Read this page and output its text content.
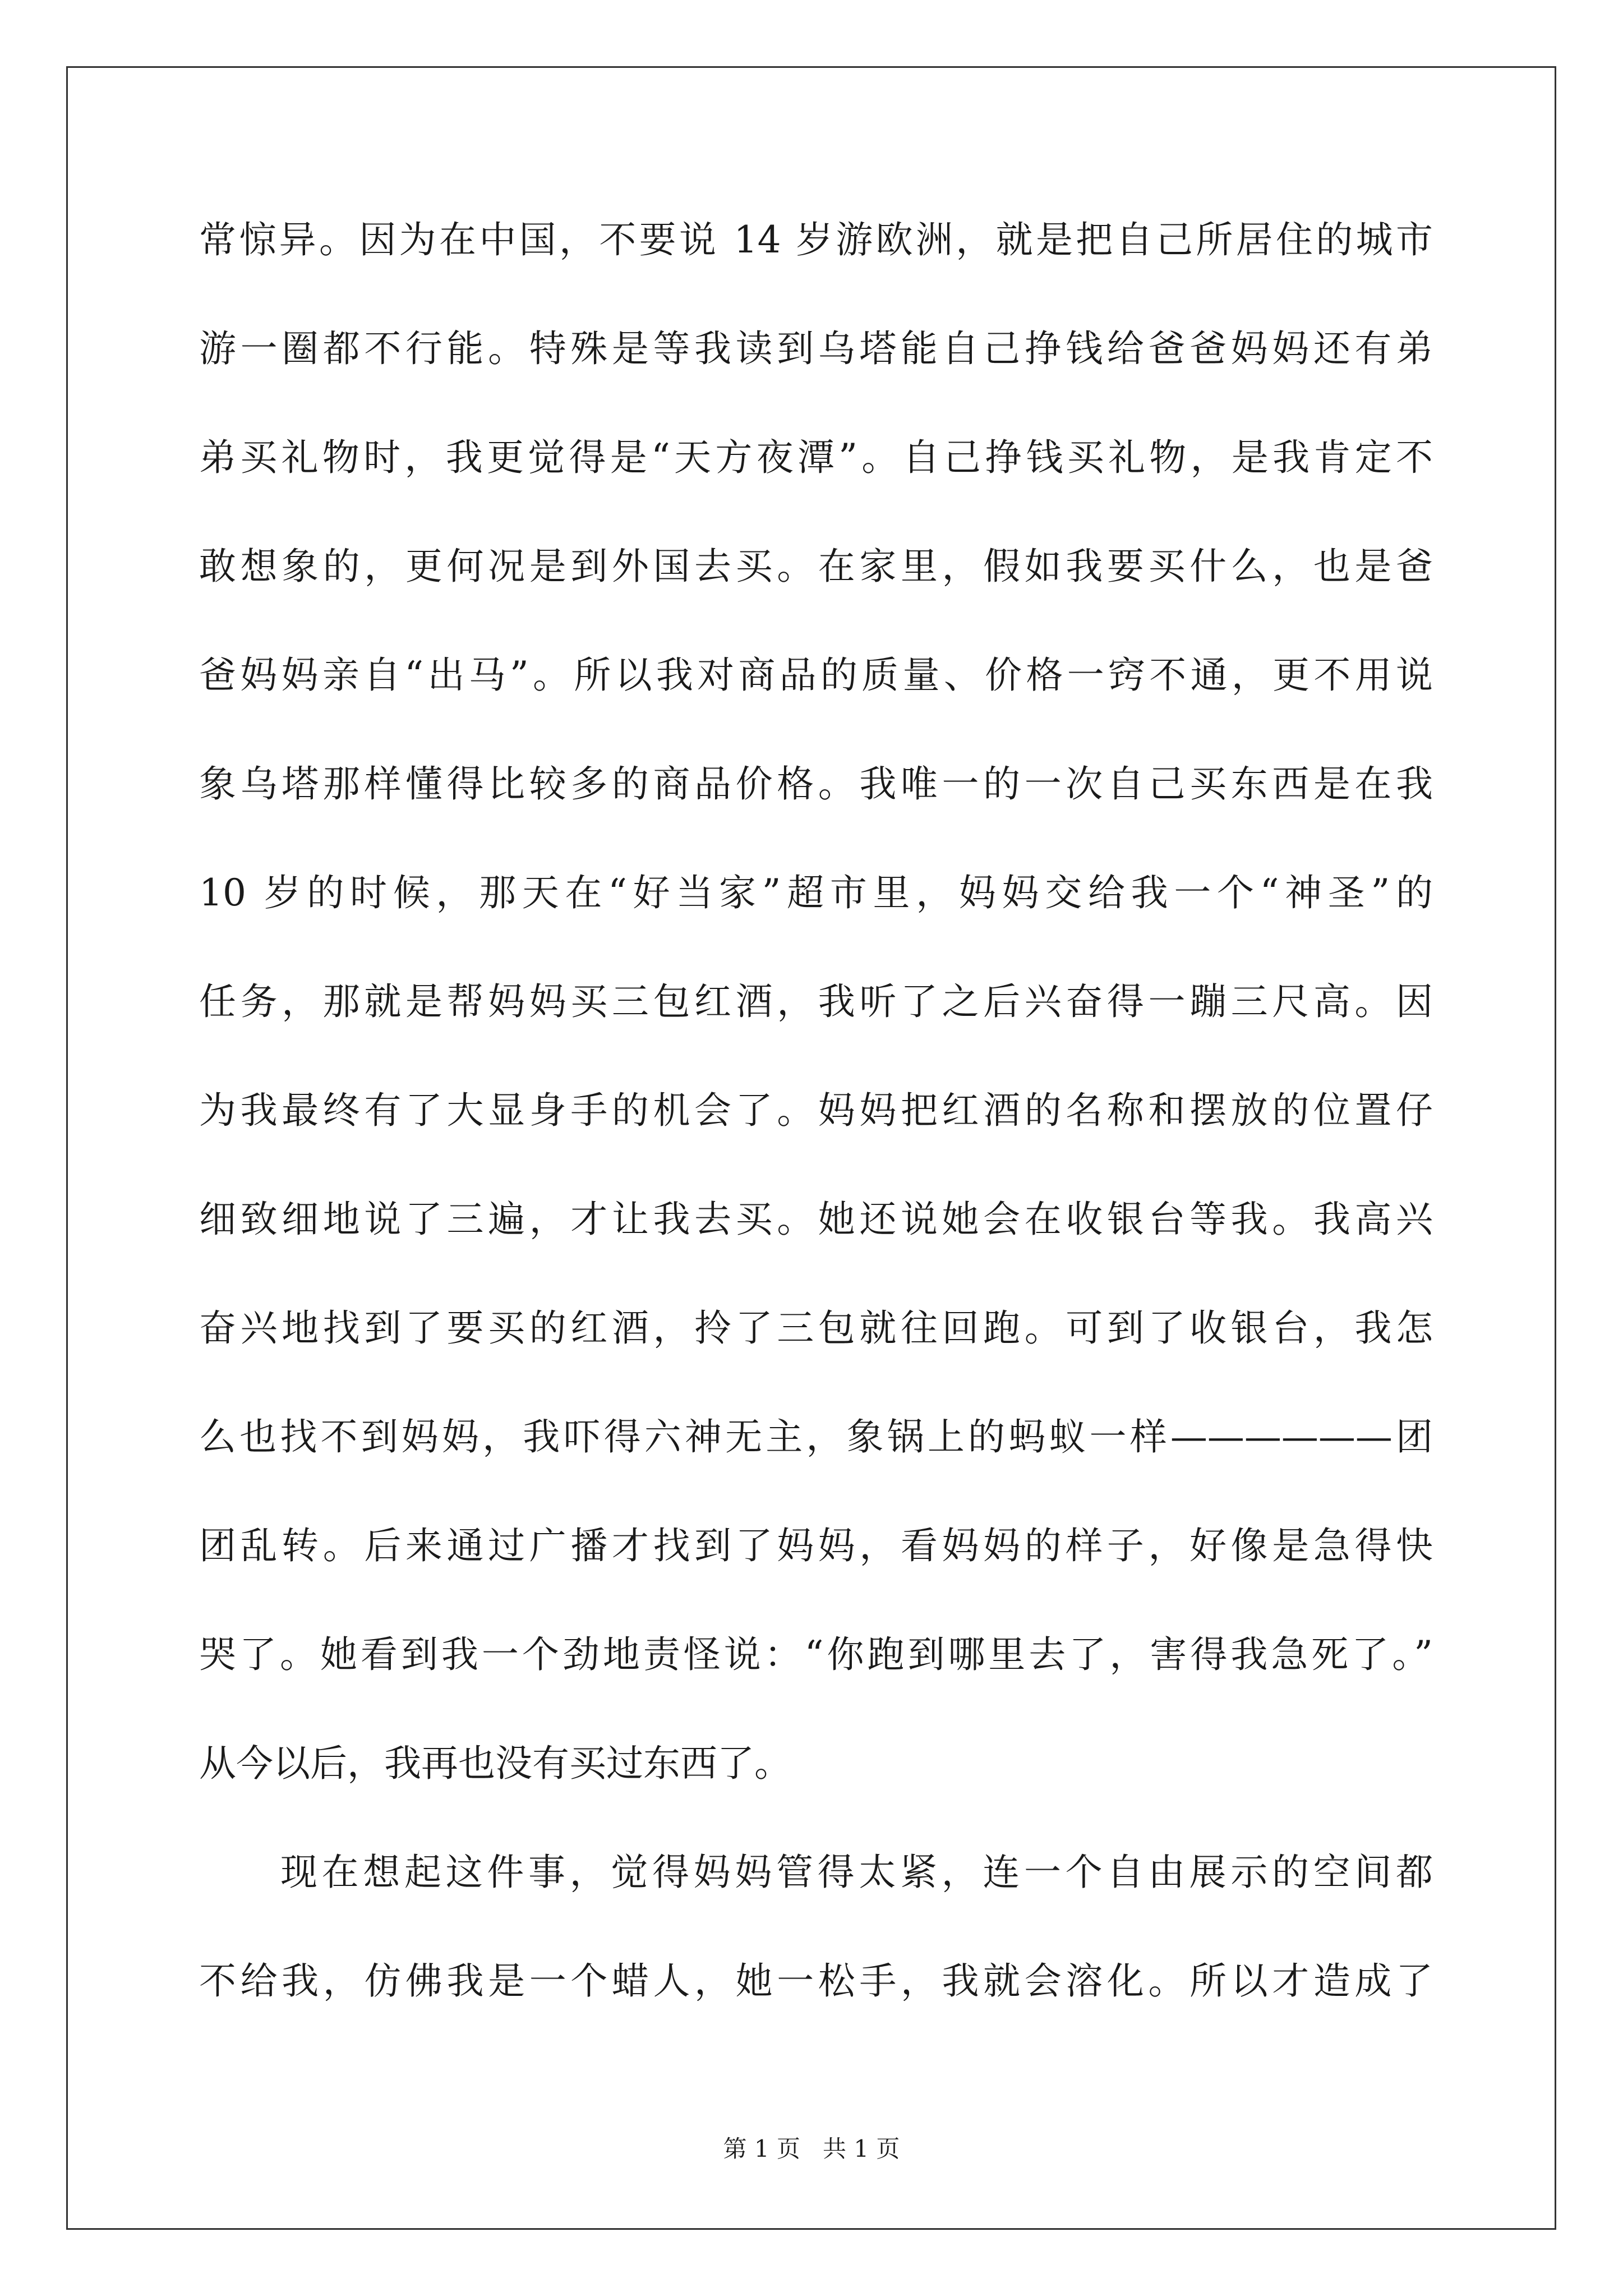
常惊异。因为在中国，不要说 14 岁游欧洲，就是把自己所居住的城市
游一圈都不行能。特殊是等我读到乌塔能自己挣钱给爸爸妈妈还有弟
弟买礼物时，我更觉得是“天方夜潭”。自己挣钱买礼物，是我肯定不
敢想象的，更何况是到外国去买。在家里，假如我要买什么，也是爸
爸妈妈亲自“出马”。所以我对商品的质量、价格一窍不通，更不用说
象乌塔那样懂得比较多的商品价格。我唯一的一次自己买东西是在我
10 岁的时候，那天在“好当家”超市里，妈妈交给我一个“神圣”的
任务，那就是帮妈妈买三包红酒，我听了之后兴奋得一蹦三尺高。因
为我最终有了大显身手的机会了。妈妈把红酒的名称和摆放的位置仔
细致细地说了三遍，才让我去买。她还说她会在收银台等我。我高兴
奋兴地找到了要买的红酒，拎了三包就往回跑。可到了收银台，我怎
么也找不到妈妈，我吓得六神无主，象锅上的蚂蚁一样——————团
团乱转。后来通过广播才找到了妈妈，看妈妈的样子，好像是急得快
哭了。她看到我一个劲地责怪说：“你跑到哪里去了，害得我急死了。”
从今以后，我再也没有买过东西了。
现在想起这件事，觉得妈妈管得太紧，连一个自由展示的空间都
不给我，仿佛我是一个蜡人，她一松手，我就会溶化。所以才造成了
第 1 页 共 1 页
